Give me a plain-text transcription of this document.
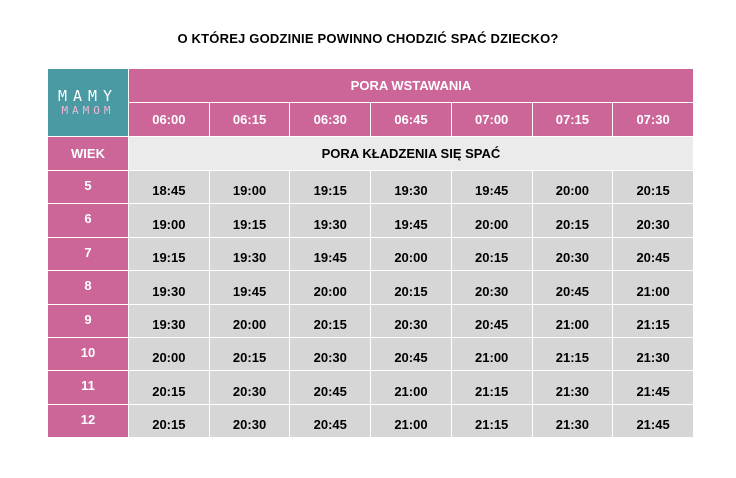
O KTÓREJ GODZINIE POWINNO CHODZIĆ SPAĆ DZIECKO?
MAMY
MAMOM
PORA WSTAWANIA
06:00	06:15	06:30	06:45	07:00	07:15	07:30
WIEK	PORA KŁADZENIA SIĘ SPAĆ
5	18:45	19:00	19:15	19:30	19:45	20:00	20:15
6	19:00	19:15	19:30	19:45	20:00	20:15	20:30
7	19:15	19:30	19:45	20:00	20:15	20:30	20:45
8	19:30	19:45	20:00	20:15	20:30	20:45	21:00
9	19:30	20:00	20:15	20:30	20:45	21:00	21:15
10	20:00	20:15	20:30	20:45	21:00	21:15	21:30
11	20:15	20:30	20:45	21:00	21:15	21:30	21:45
12	20:15	20:30	20:45	21:00	21:15	21:30	21:45
